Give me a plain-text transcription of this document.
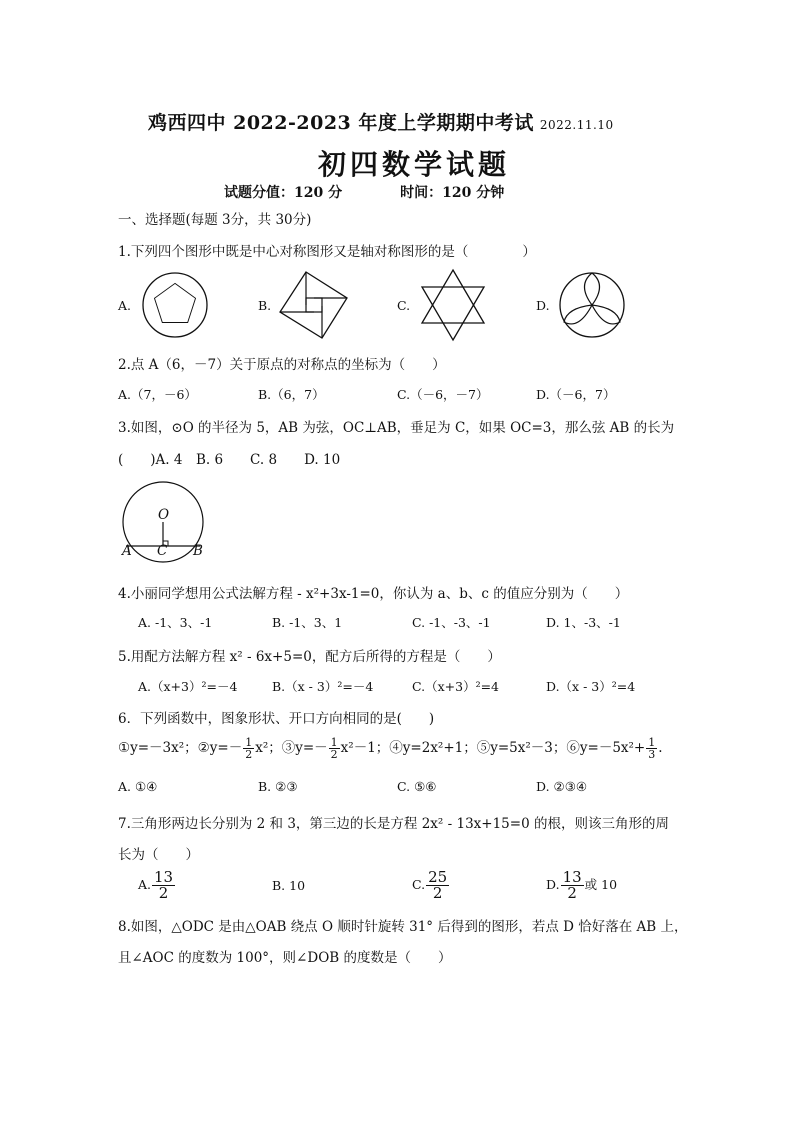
鸡西四中 2022-2023 年度上学期期中考试 2022.11.10
初四数学试题
试题分值：120 分	时间：120 分钟
一、选择题(每题 3分，共 30分)
1.下列四个图形中既是中心对称图形又是轴对称图形的是（　　　　）
A.	B.	C.	D.
2.点 A（6，－7）关于原点的对称点的坐标为（　　）
A.（7，－6）	B.（6，7）	C.（－6，－7）	D.（－6，7）
3.如图，⊙O 的半径为 5，AB 为弦，OC⊥AB，垂足为 C，如果 OC=3，那么弦 AB 的长为
(　　)A. 4　B. 6　　C. 8　　D. 10
O
A C B
4.小丽同学想用公式法解方程 - x²+3x-1=0，你认为 a、b、c 的值应分别为（　　）
A. -1、3、-1	B. -1、3、1	C. -1、-3、-1	D. 1、-3、-1
5.用配方法解方程 x² - 6x+5=0，配方后所得的方程是（　　）
A.（x+3）²=－4	B.（x - 3）²=－4	C.（x+3）²=4	D.（x - 3）²=4
6．下列函数中，图象形状、开口方向相同的是(　　)
①y=－3x²；②y=－ $\frac{1}{2} x^2$；③y=－ $\frac{1}{2} x^2-1$；④y=2x²+1；⑤y=5x²－3；⑥y=－5x²+ $\frac{1}{3}$ .
A. ①④	B. ②③	C. ⑤⑥	D. ②③④
7.三角形两边长分别为 2 和 3，第三边的长是方程 2x² - 13x+15=0 的根，则该三角形的周
长为（　　）
A. $\frac{13}{2}$	B. 10	C. $\frac{25}{2}$	D. $\frac{13}{2}$ 或 10
8.如图，△ODC 是由△OAB 绕点 O 顺时针旋转 31° 后得到的图形，若点 D 恰好落在 AB 上，
且∠AOC 的度数为 100°，则∠DOB 的度数是（　　）
